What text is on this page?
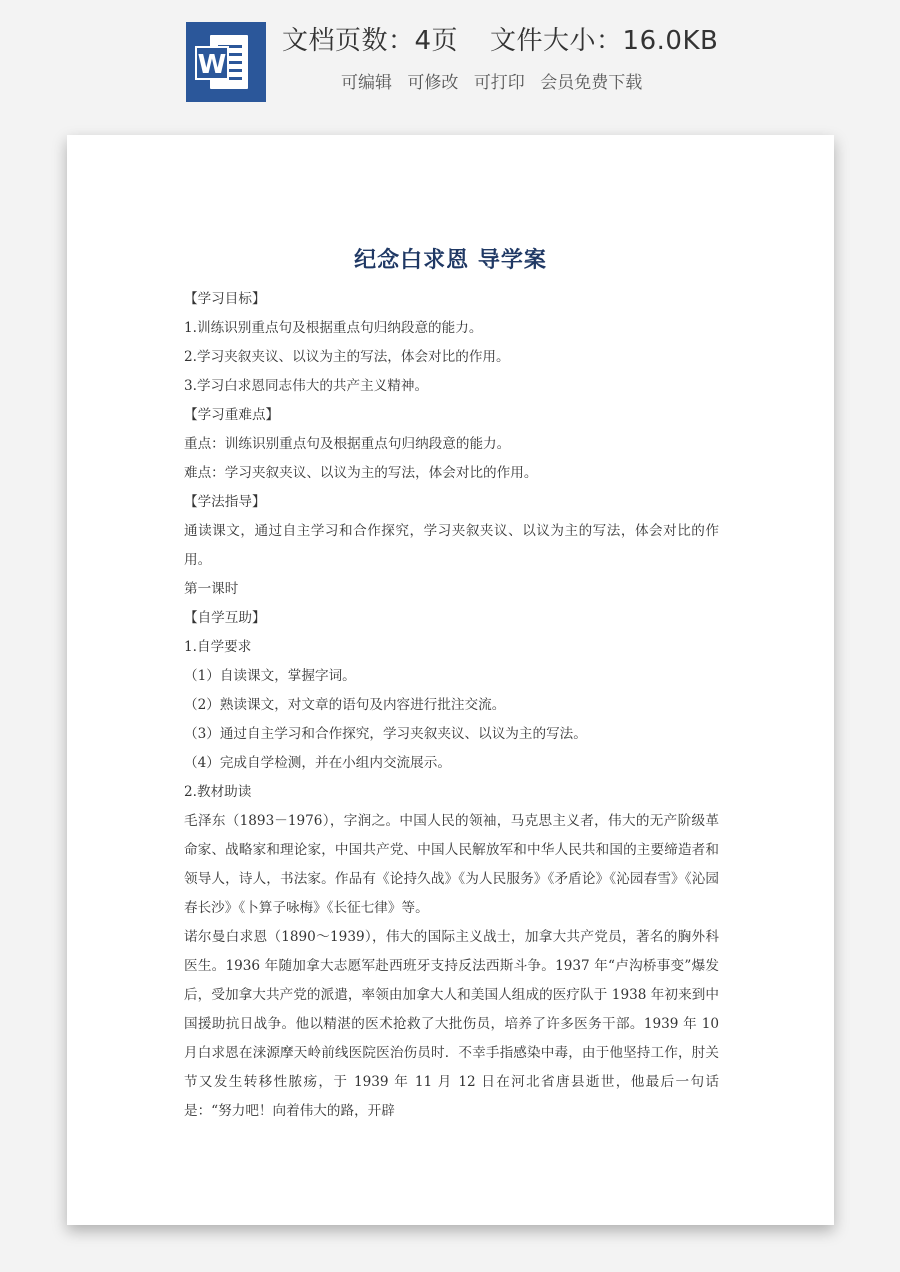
W
文档页数：4页 文件大小：16.0KB
可编辑 可修改 可打印 会员免费下载
纪念白求恩 导学案

【学习目标】

1.训练识别重点句及根据重点句归纳段意的能力。

2.学习夹叙夹议、以议为主的写法，体会对比的作用。

3.学习白求恩同志伟大的共产主义精神。

【学习重难点】

重点：训练识别重点句及根据重点句归纳段意的能力。

难点：学习夹叙夹议、以议为主的写法，体会对比的作用。

【学法指导】

通读课文，通过自主学习和合作探究，学习夹叙夹议、以议为主的写法，体会对比的作用。

第一课时

【自学互助】

1.自学要求

（1）自读课文，掌握字词。

（2）熟读课文，对文章的语句及内容进行批注交流。

（3）通过自主学习和合作探究，学习夹叙夹议、以议为主的写法。

（4）完成自学检测，并在小组内交流展示。

2.教材助读

毛泽东（1893－1976），字润之。中国人民的领袖，马克思主义者，伟大的无产阶级革命家、战略家和理论家，中国共产党、中国人民解放军和中华人民共和国的主要缔造者和领导人，诗人，书法家。作品有《论持久战》《为人民服务》《矛盾论》《沁园春雪》《沁园春长沙》《卜算子咏梅》《长征七律》等。

诺尔曼白求恩（1890～1939），伟大的国际主义战士，加拿大共产党员，著名的胸外科医生。1936 年随加拿大志愿军赴西班牙支持反法西斯斗争。1937 年“卢沟桥事变”爆发后，受加拿大共产党的派遣，率领由加拿大人和美国人组成的医疗队于 1938 年初来到中国援助抗日战争。他以精湛的医术抢救了大批伤员，培养了许多医务干部。1939 年 10 月白求恩在涞源摩天岭前线医院医治伤员时．不幸手指感染中毒，由于他坚持工作，肘关节又发生转移性脓疡，于 1939 年 11 月 12 日在河北省唐县逝世，他最后一句话是：“努力吧！向着伟大的路，开辟
